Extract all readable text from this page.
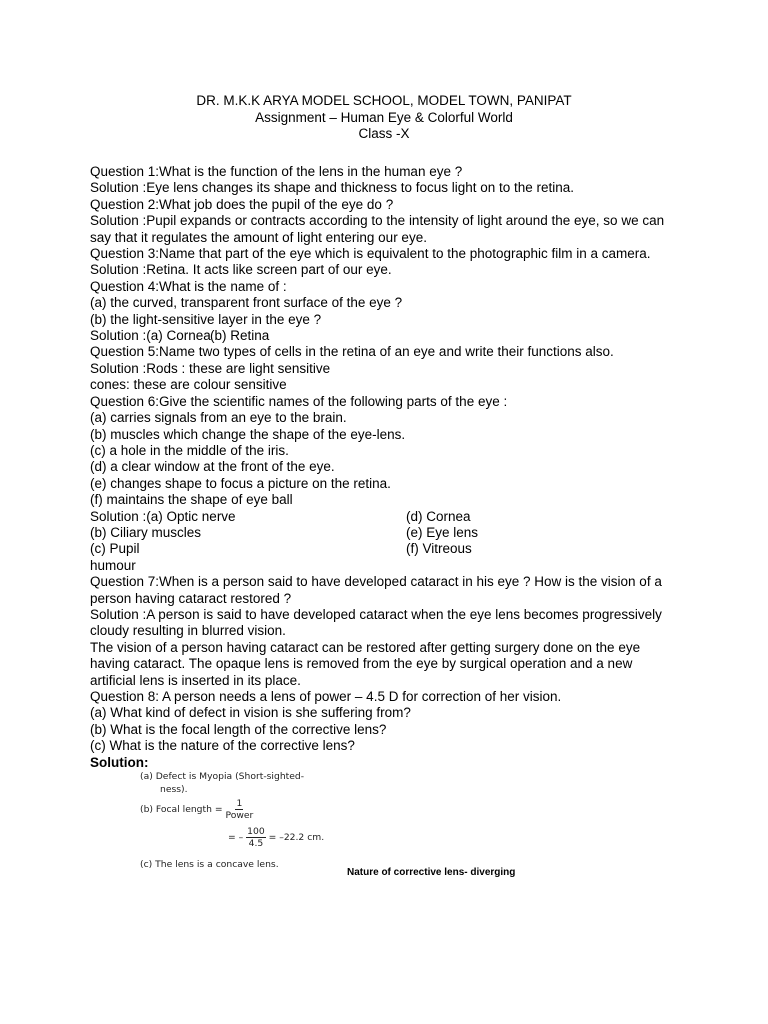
DR. M.K.K ARYA MODEL SCHOOL, MODEL TOWN, PANIPAT
Assignment – Human Eye & Colorful World
Class -X
Question 1:What is the function of the lens in the human eye ?
Solution :Eye lens changes its shape and thickness to focus light on to the retina.
Question 2:What job does the pupil of the eye do ?
Solution :Pupil expands or contracts according to the intensity of light around the eye, so we can
say that it regulates the amount of light entering our eye.
Question 3:Name that part of the eye which is equivalent to the photographic film in a camera.
Solution :Retina. It acts like screen part of our eye.
Question 4:What is the name of :
(a) the curved, transparent front surface of the eye ?
(b) the light-sensitive layer in the eye ?
Solution :(a) Cornea (b) Retina
Question 5:Name two types of cells in the retina of an eye and write their functions also.
Solution :Rods : these are light sensitive
cones: these are colour sensitive
Question 6:Give the scientific names of the following parts of the eye :
(a) carries signals from an eye to the brain.
(b) muscles which change the shape of the eye-lens.
(c) a hole in the middle of the iris.
(d) a clear window at the front of the eye.
(e) changes shape to focus a picture on the retina.
(f) maintains the shape of eye ball
Solution :(a) Optic nerve	(d) Cornea
(b) Ciliary muscles	(e) Eye lens
(c) Pupil	(f) Vitreous
humour
Question 7:When is a person said to have developed cataract in his eye ? How is the vision of a
person having cataract restored ?
Solution :A person is said to have developed cataract when the eye lens becomes progressively
cloudy resulting in blurred vision.
The vision of a person having cataract can be restored after getting surgery done on the eye
having cataract. The opaque lens is removed from the eye by surgical operation and a new
artificial lens is inserted in its place.
Question 8: A person needs a lens of power – 4.5 D for correction of her vision.
(a) What kind of defect in vision is she suffering from?
(b) What is the focal length of the corrective lens?
(c) What is the nature of the corrective lens?
Solution:
(a) Defect is Myopia (Short-sighted-
ness).
(b) Focal length = $\frac{1}{\text{Power}}$
= – $\frac{100}{4.5} = -22.2$ cm.
(c) The lens is a concave lens.
Nature of corrective lens- diverging
